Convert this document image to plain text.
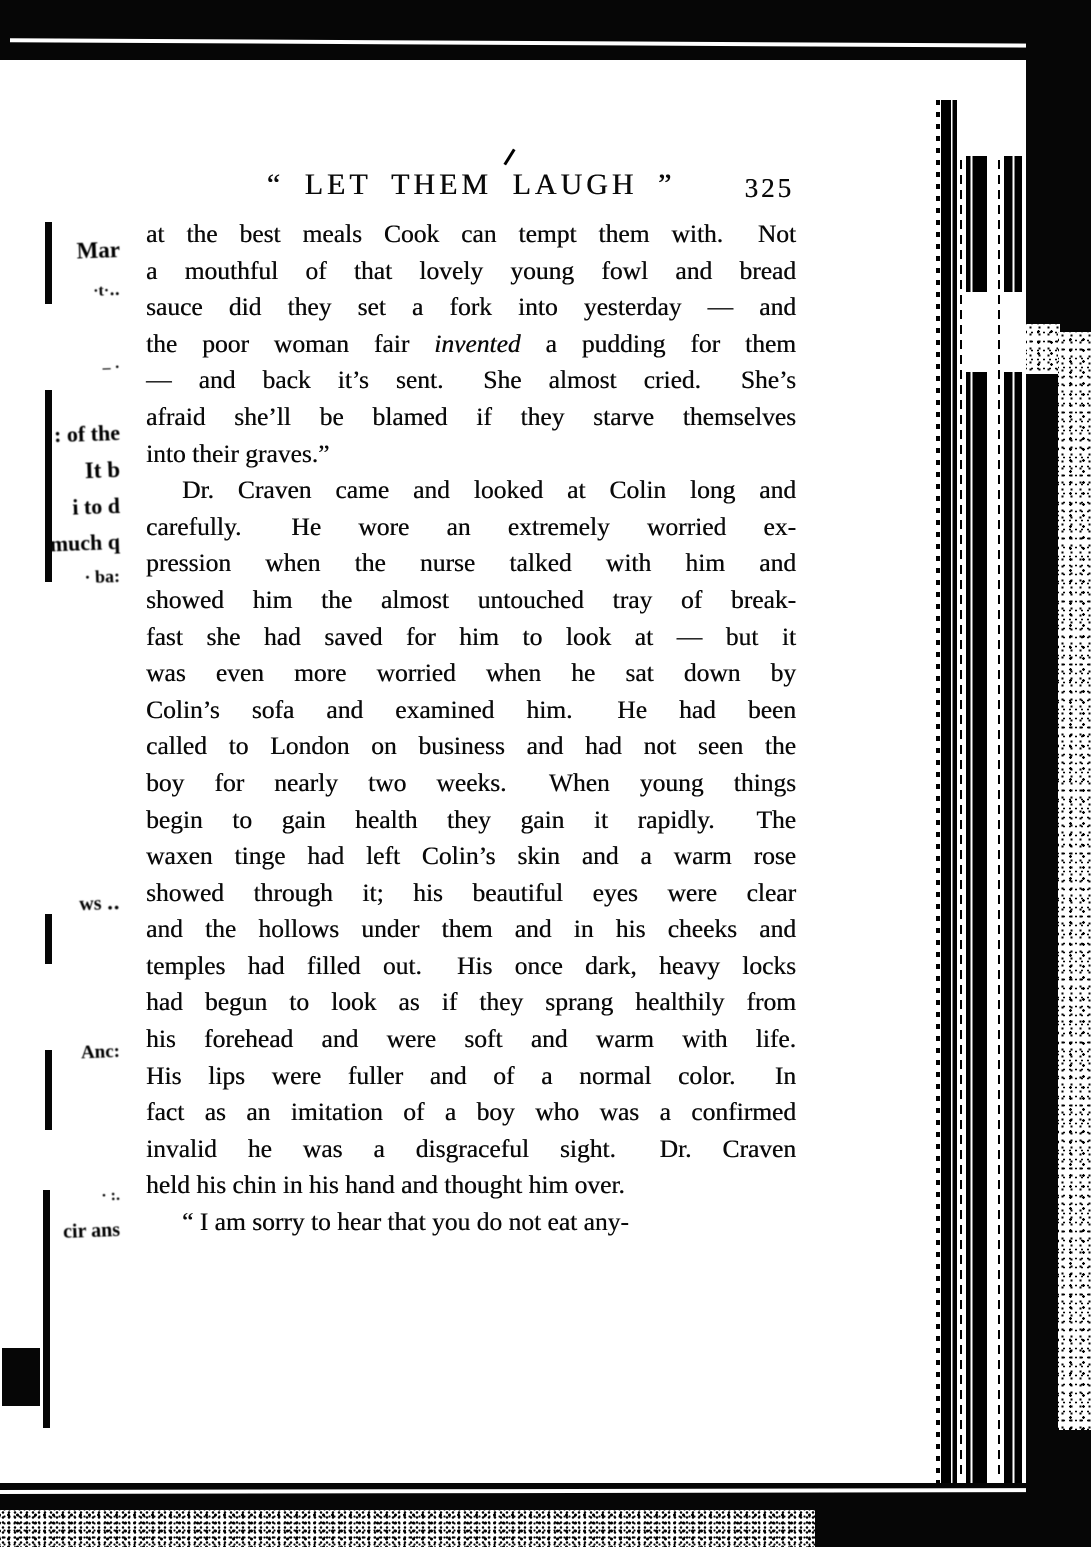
Mar
·t·‥
‒ ·
: of the
It b
i to d
much q
· ba:
ws ‥
Anc:
· :.
cir ans
“ LET THEM LAUGH ”	325
at the best meals Cook can tempt them with.  Not
a mouthful of that lovely young fowl and bread
sauce did they set a fork into yesterday — and
the poor woman fair invented a pudding for them
— and back it’s sent.  She almost cried.  She’s
afraid she’ll be blamed if they starve themselves
into their graves.”
Dr. Craven came and looked at Colin long and
carefully.  He wore an extremely worried ex-
pression when the nurse talked with him and
showed him the almost untouched tray of break-
fast she had saved for him to look at — but it
was even more worried when he sat down by
Colin’s sofa and examined him.  He had been
called to London on business and had not seen the
boy for nearly two weeks.  When young things
begin to gain health they gain it rapidly.  The
waxen tinge had left Colin’s skin and a warm rose
showed through it; his beautiful eyes were clear
and the hollows under them and in his cheeks and
temples had filled out.  His once dark, heavy locks
had begun to look as if they sprang healthily from
his forehead and were soft and warm with life.
His lips were fuller and of a normal color.  In
fact as an imitation of a boy who was a confirmed
invalid he was a disgraceful sight.  Dr. Craven
held his chin in his hand and thought him over.
“ I am sorry to hear that you do not eat any-
